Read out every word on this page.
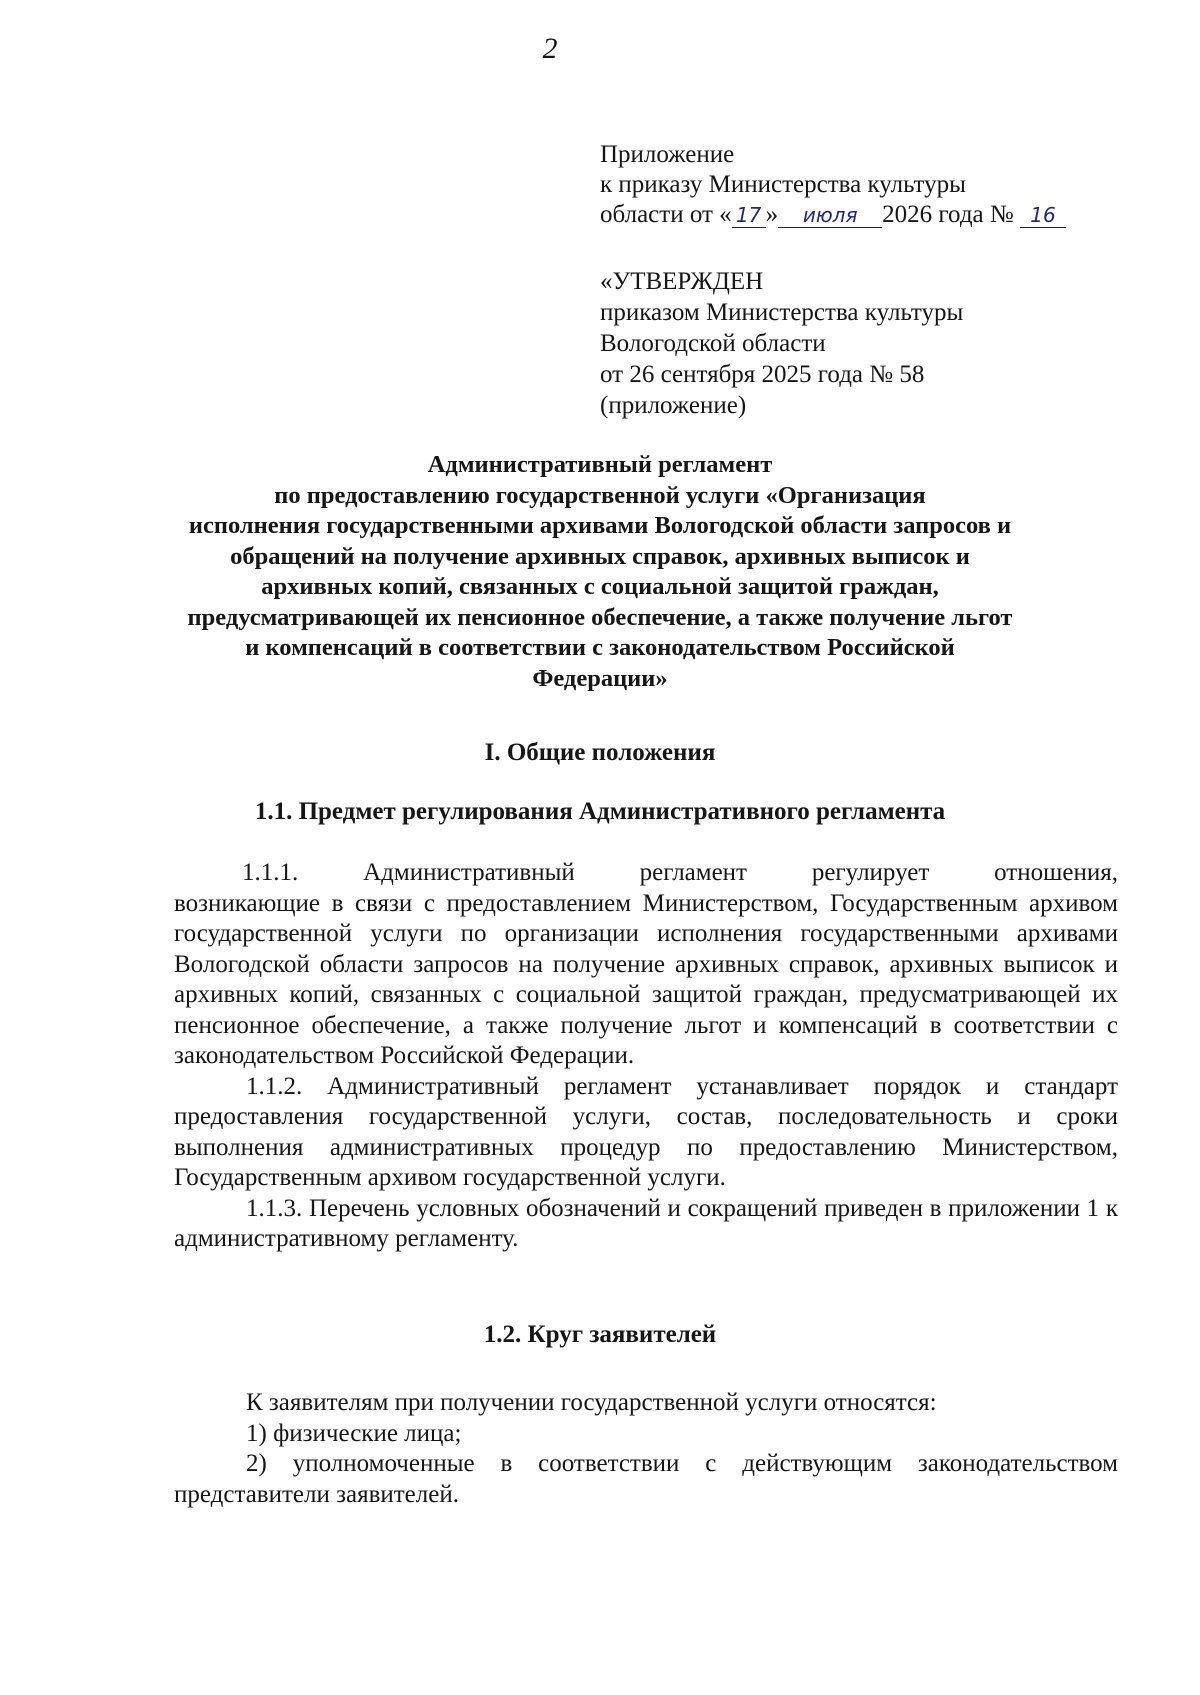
2
Приложение
к приказу Министерства культуры
области от « 17 » июля 2026 года № 16
«УТВЕРЖДЕН
приказом Министерства культуры
Вологодской области
от 26 сентября 2025 года № 58
(приложение)
Административный регламент
по предоставлению государственной услуги «Организация
исполнения государственными архивами Вологодской области запросов и
обращений на получение архивных справок, архивных выписок и
архивных копий, связанных с социальной защитой граждан,
предусматривающей их пенсионное обеспечение, а также получение льгот
и компенсаций в соответствии с законодательством Российской
Федерации»
I. Общие положения
1.1. Предмет регулирования Административного регламента
1.1.1.	Административный	регламент	регулирует	отношения,

возникающие в связи с предоставлением Министерством, Государственным архивом государственной услуги по организации исполнения государственными архивами Вологодской области запросов на получение архивных справок, архивных выписок и архивных копий, связанных с социальной защитой граждан, предусматривающей их пенсионное обеспечение, а также получение льгот и компенсаций в соответствии с законодательством Российской Федерации.

1.1.2. Административный регламент устанавливает порядок и стандарт предоставления государственной услуги, состав, последовательность и сроки выполнения административных процедур по предоставлению Министерством, Государственным архивом государственной услуги.

1.1.3. Перечень условных обозначений и сокращений приведен в приложении 1 к административному регламенту.

1.2. Круг заявителей

К заявителям при получении государственной услуги относятся:

1) физические лица;

2) уполномоченные в соответствии с действующим законодательством представители заявителей.
